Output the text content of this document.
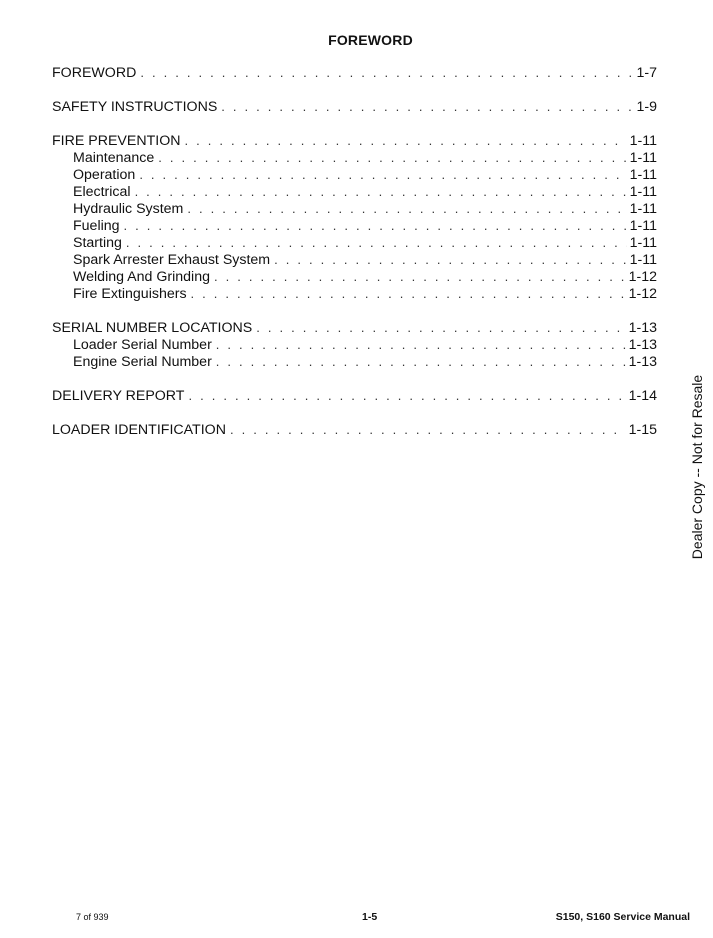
FOREWORD
FOREWORD . . .	1-7
SAFETY INSTRUCTIONS . . .	1-9
FIRE PREVENTION . . .	1-11
Maintenance . . .	1-11
Operation . . .	1-11
Electrical . . .	1-11
Hydraulic System . . .	1-11
Fueling . . .	1-11
Starting . . .	1-11
Spark Arrester Exhaust System . . .	1-11
Welding And Grinding . . .	1-12
Fire Extinguishers . . .	1-12
SERIAL NUMBER LOCATIONS . . .	1-13
Loader Serial Number . . .	1-13
Engine Serial Number . . .	1-13
DELIVERY REPORT . . .	1-14
LOADER IDENTIFICATION . . .	1-15 Dealer Copy -- Not for Resale
7 of 939	1-5	S150, S160 Service Manual
